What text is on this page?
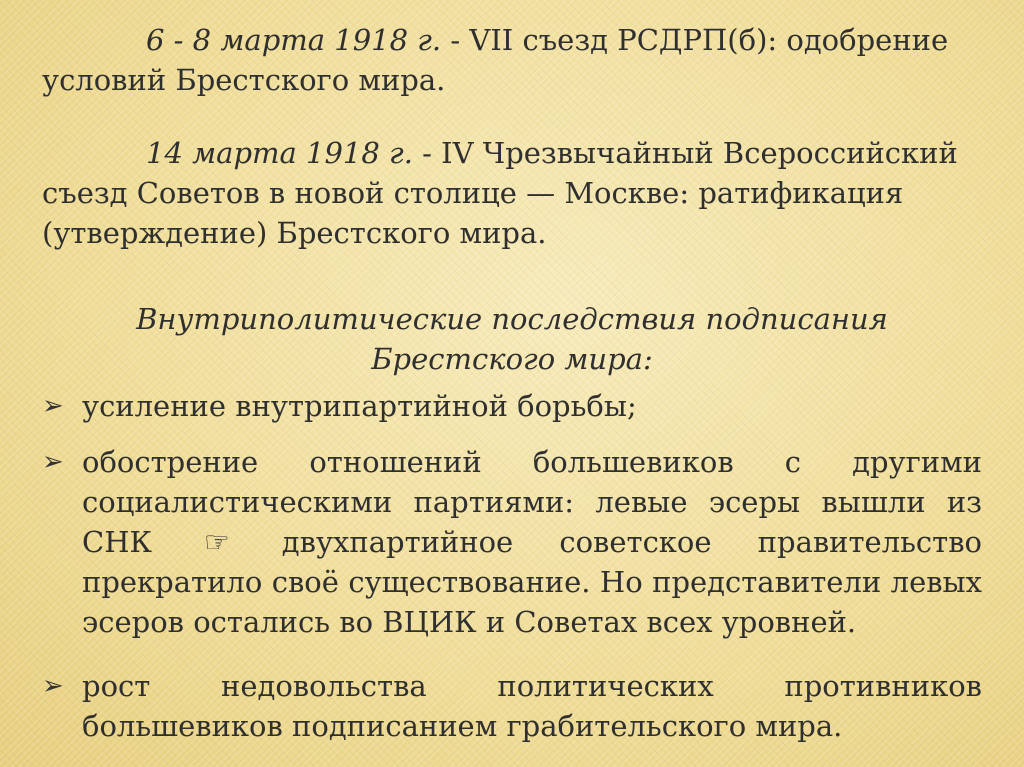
6 - 8 марта 1918 г. - VII съезд РСДРП(б): одобрение условий Брестского мира.

14 марта 1918 г. - IV Чрезвычайный Всероссийский съезд Советов в новой столице — Москве: ратификация (утверждение) Брестского мира.

Внутриполитические последствия подписания Брестского мира:

➢ усиление внутрипартийной борьбы;
➢ обострение отношений большевиков с другими социалистическими партиями: левые эсеры вышли из СНК ☞ двухпартийное советское правительство прекратило своё существование. Но представители левых эсеров остались во ВЦИК и Советах всех уровней.
➢ рост недовольства политических противников большевиков подписанием грабительского мира.
